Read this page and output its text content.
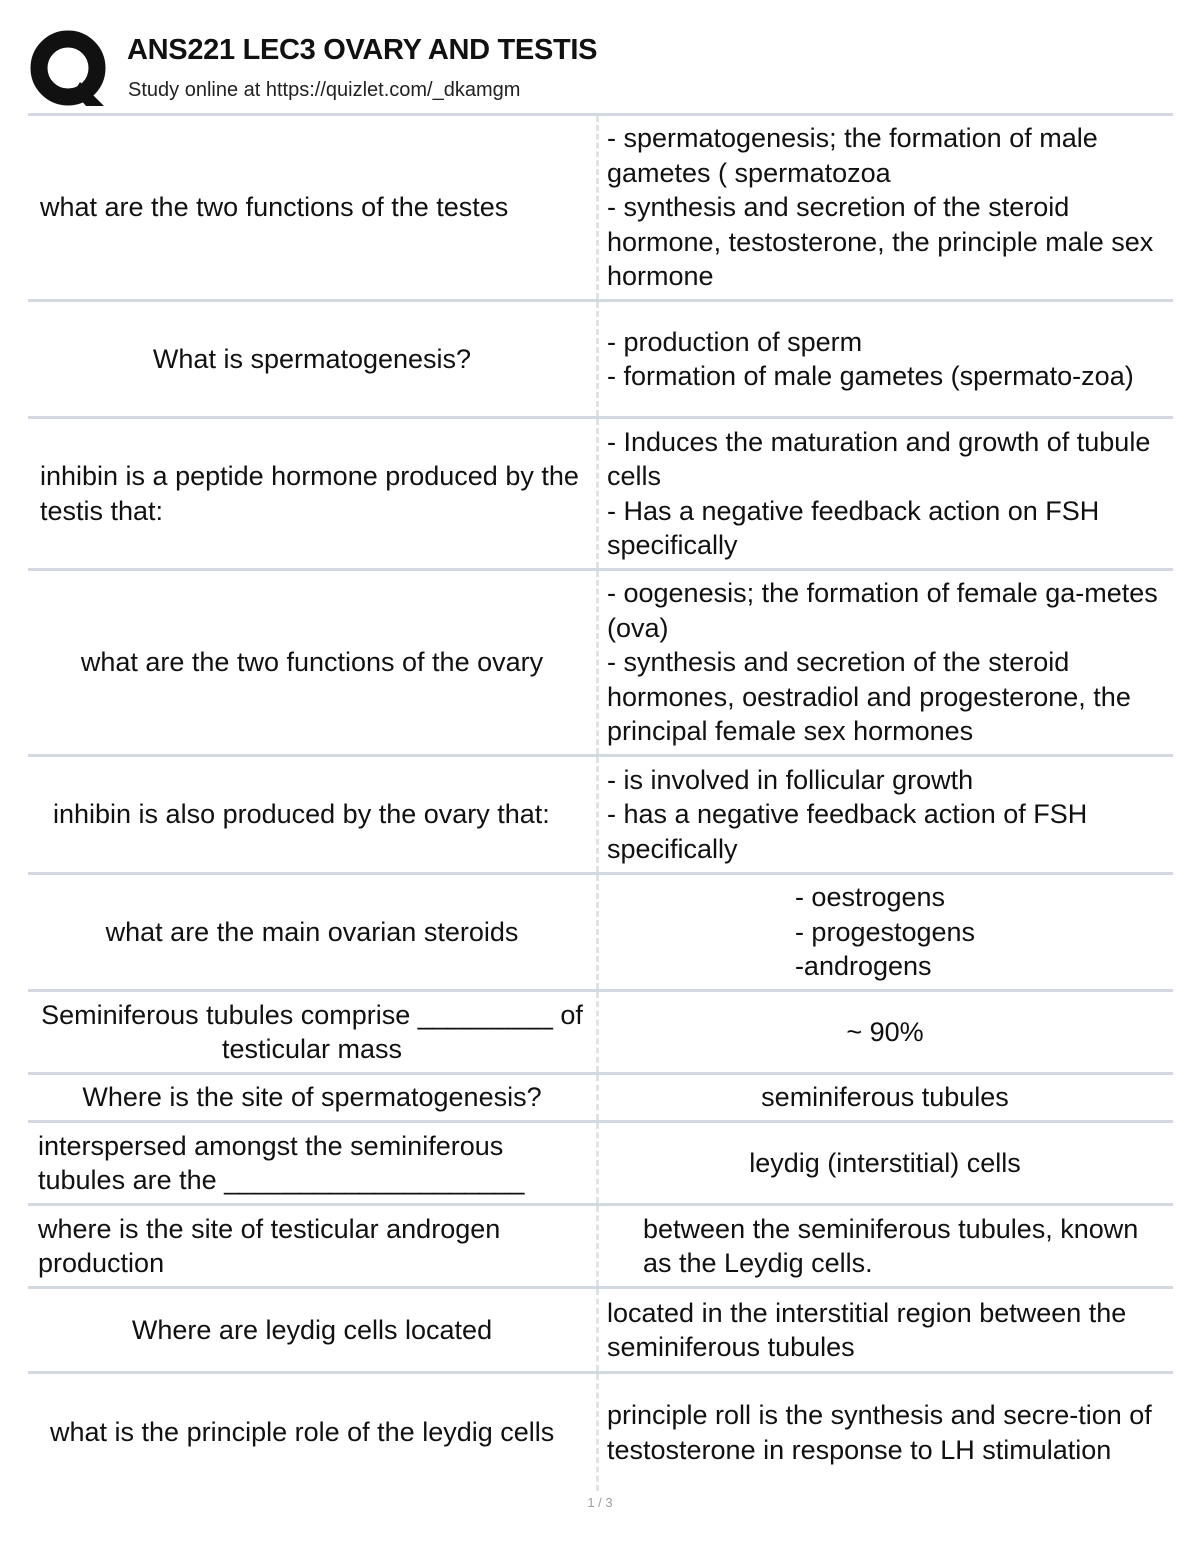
ANS221 LEC3 OVARY AND TESTIS
Study online at https://quizlet.com/_dkamgm
what are the two functions of the testes
- spermatogenesis; the formation of male gametes ( spermatozoa
- synthesis and secretion of the steroid hormone, testosterone, the principle male sex hormone
What is spermatogenesis?
- production of sperm
- formation of male gametes (spermato-zoa)
inhibin is a peptide hormone produced by the testis that:
- Induces the maturation and growth of tubule cells
- Has a negative feedback action on FSH specifically
what are the two functions of the ovary
- oogenesis; the formation of female ga-metes (ova)
- synthesis and secretion of the steroid hormones, oestradiol and progesterone, the principal female sex hormones
inhibin is also produced by the ovary that:
- is involved in follicular growth
- has a negative feedback action of FSH specifically
what are the main ovarian steroids
- oestrogens
- progestogens
-androgens
Seminiferous tubules comprise _________ of testicular mass
~ 90%
Where is the site of spermatogenesis?	seminiferous tubules
interspersed amongst the seminiferous tubules are the ____________________
leydig (interstitial) cells
where is the site of testicular androgen production
between the seminiferous tubules, known as the Leydig cells.
Where are leydig cells located
located in the interstitial region between the seminiferous tubules
what is the principle role of the leydig cells
principle roll is the synthesis and secre-tion of testosterone in response to LH stimulation
1 / 3
